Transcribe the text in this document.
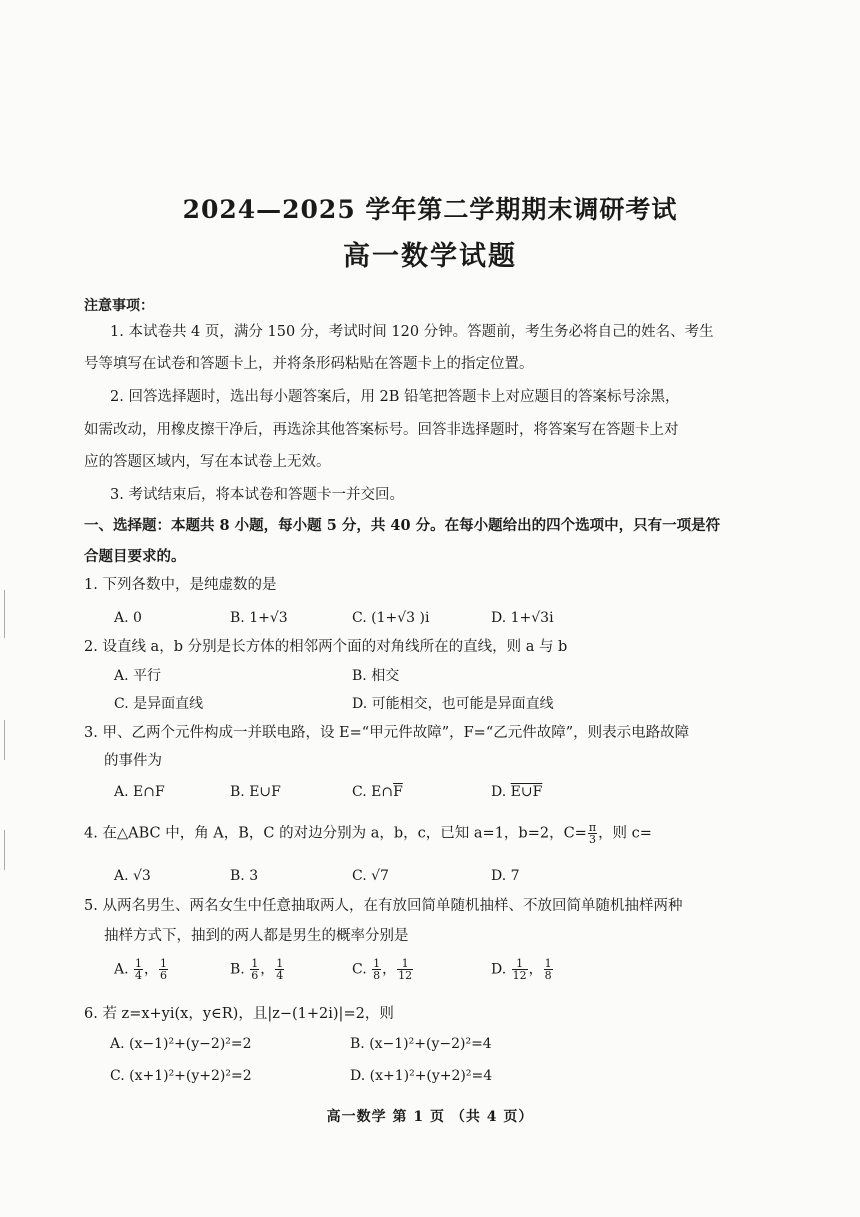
2024—2025 学年第二学期期末调研考试
高一数学试题
注意事项：
1. 本试卷共 4 页，满分 150 分，考试时间 120 分钟。答题前，考生务必将自己的姓名、考生
号等填写在试卷和答题卡上，并将条形码粘贴在答题卡上的指定位置。
2. 回答选择题时，选出每小题答案后，用 2B 铅笔把答题卡上对应题目的答案标号涂黑，
如需改动，用橡皮擦干净后，再选涂其他答案标号。回答非选择题时，将答案写在答题卡上对
应的答题区域内，写在本试卷上无效。
3. 考试结束后，将本试卷和答题卡一并交回。
一、选择题：本题共 8 小题，每小题 5 分，共 40 分。在每小题给出的四个选项中，只有一项是符
合题目要求的。
1. 下列各数中，是纯虚数的是
A. 0	B. 1+√3	C. (1+√3 )i	D. 1+√3i
2. 设直线 a，b 分别是长方体的相邻两个面的对角线所在的直线，则 a 与 b
A. 平行	B. 相交
C. 是异面直线	D. 可能相交，也可能是异面直线
3. 甲、乙两个元件构成一并联电路，设 E=“甲元件故障”，F=“乙元件故障”，则表示电路故障
的事件为
A. E∩F	B. E∪F	C. $E\cap\overline{F}$	D. E∪F
4. 在△ABC 中，角 A，B，C 的对边分别为 a，b，c，已知 a=1，b=2，$C= \frac{\pi}{3}$ ，则 c=
A. √3	B. 3	C. √7	D. 7
5. 从两名男生、两名女生中任意抽取两人，在有放回简单随机抽样、不放回简单随机抽样两种
抽样方式下，抽到的两人都是男生的概率分别是
A. $\frac{1}{4}$ ， $\frac{1}{6}$	B. $\frac{1}{6}$ ， $\frac{1}{4}$	C. $\frac{1}{8}$ ， $\frac{1}{12}$	D. $\frac{1}{12}$ ， $\frac{1}{8}$
6. 若 z=x+yi(x，y∈R)，且|z−(1+2i)|=2，则
A. (x−1)²+(y−2)²=2	B. (x−1)²+(y−2)²=4
C. (x+1)²+(y+2)²=2	D. (x+1)²+(y+2)²=4
高一数学 第 1 页 （共 4 页）
